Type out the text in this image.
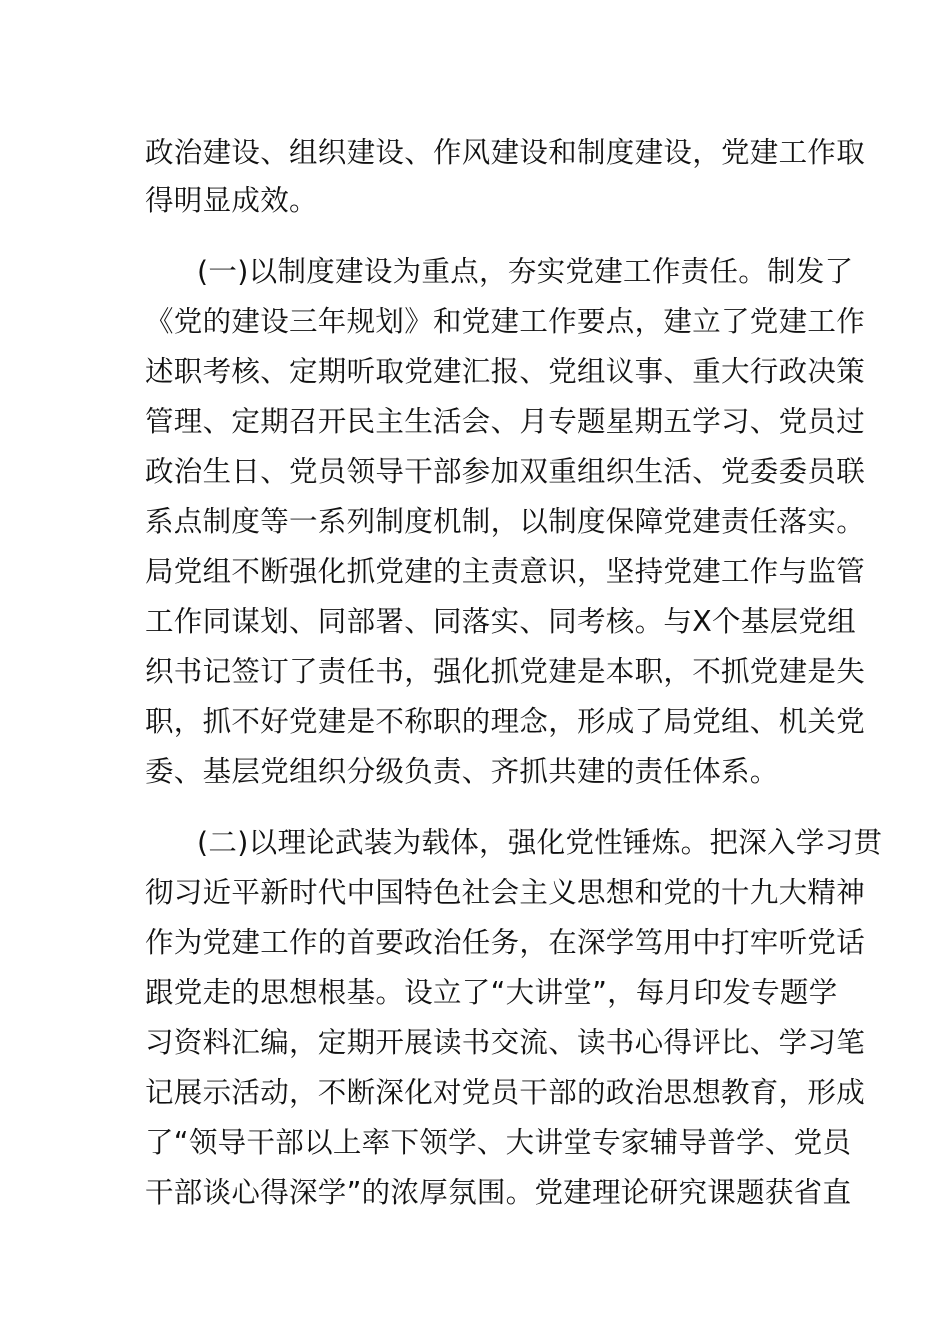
政治建设、组织建设、作风建设和制度建设，党建工作取
得明显成效。
(一)以制度建设为重点，夯实党建工作责任。制发了
《党的建设三年规划》和党建工作要点，建立了党建工作
述职考核、定期听取党建汇报、党组议事、重大行政决策
管理、定期召开民主生活会、月专题星期五学习、党员过
政治生日、党员领导干部参加双重组织生活、党委委员联
系点制度等一系列制度机制，以制度保障党建责任落实。
局党组不断强化抓党建的主责意识，坚持党建工作与监管
工作同谋划、同部署、同落实、同考核。与X个基层党组
织书记签订了责任书，强化抓党建是本职，不抓党建是失
职，抓不好党建是不称职的理念，形成了局党组、机关党
委、基层党组织分级负责、齐抓共建的责任体系。
(二)以理论武装为载体，强化党性锤炼。把深入学习贯
彻习近平新时代中国特色社会主义思想和党的十九大精神
作为党建工作的首要政治任务，在深学笃用中打牢听党话
跟党走的思想根基。设立了“大讲堂”，每月印发专题学
习资料汇编，定期开展读书交流、读书心得评比、学习笔
记展示活动，不断深化对党员干部的政治思想教育，形成
了“领导干部以上率下领学、大讲堂专家辅导普学、党员
干部谈心得深学”的浓厚氛围。党建理论研究课题获省直
